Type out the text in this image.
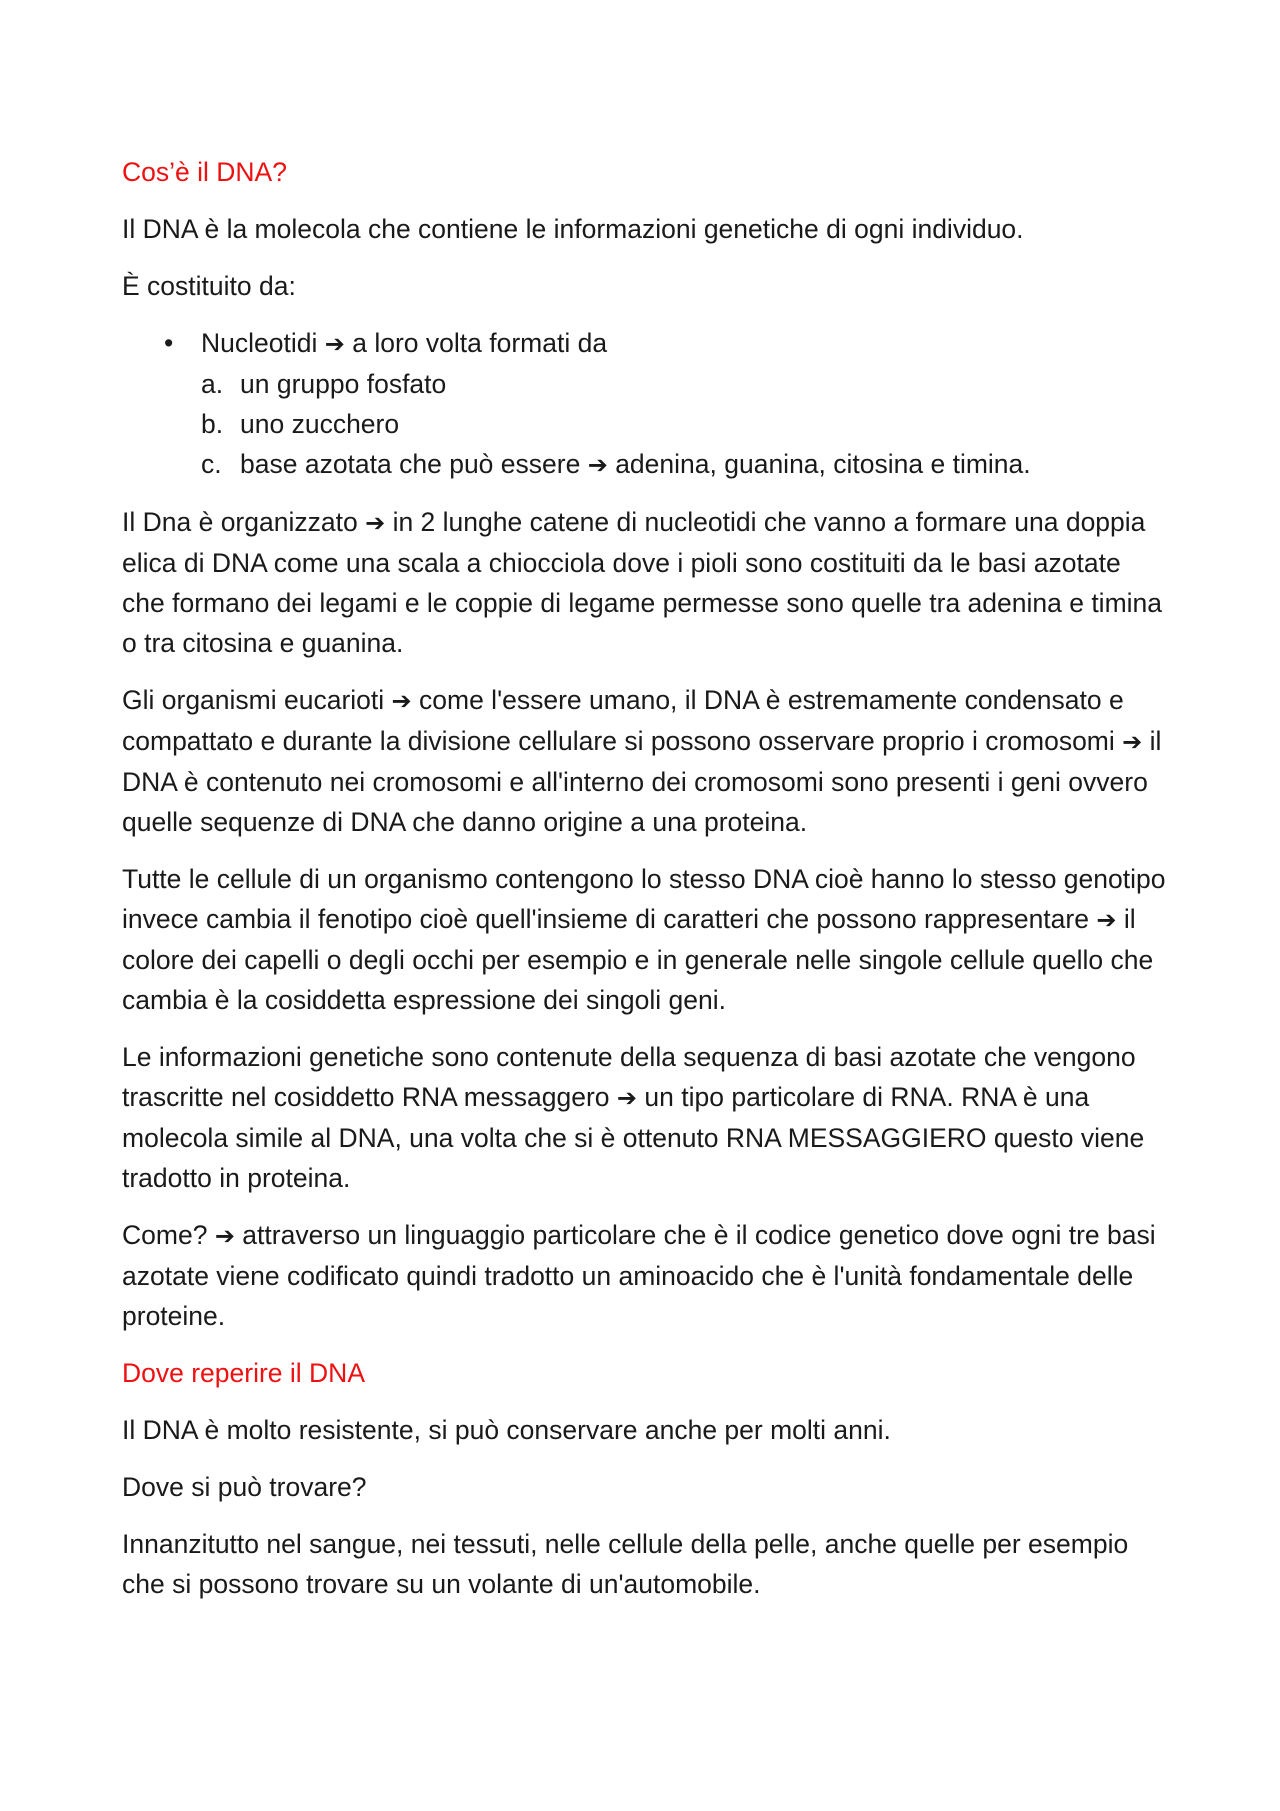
Cos’è il DNA?

Il DNA è la molecola che contiene le informazioni genetiche di ogni individuo.

È costituito da:

• Nucleotidi ➔ a loro volta formati da
a. un gruppo fosfato
b. uno zucchero
c. base azotata che può essere ➔ adenina, guanina, citosina e timina.

Il Dna è organizzato ➔ in 2 lunghe catene di nucleotidi che vanno a formare una doppia elica di DNA come una scala a chiocciola dove i pioli sono costituiti da le basi azotate che formano dei legami e le coppie di legame permesse sono quelle tra adenina e timina o tra citosina e guanina.

Gli organismi eucarioti ➔ come l'essere umano, il DNA è estremamente condensato e compattato e durante la divisione cellulare si possono osservare proprio i cromosomi ➔ il DNA è contenuto nei cromosomi e all'interno dei cromosomi sono presenti i geni ovvero quelle sequenze di DNA che danno origine a una proteina.

Tutte le cellule di un organismo contengono lo stesso DNA cioè hanno lo stesso genotipo invece cambia il fenotipo cioè quell'insieme di caratteri che possono rappresentare ➔ il colore dei capelli o degli occhi per esempio e in generale nelle singole cellule quello che cambia è la cosiddetta espressione dei singoli geni.

Le informazioni genetiche sono contenute della sequenza di basi azotate che vengono trascritte nel cosiddetto RNA messaggero ➔ un tipo particolare di RNA. RNA è una molecola simile al DNA, una volta che si è ottenuto RNA MESSAGGIERO questo viene tradotto in proteina.

Come? ➔ attraverso un linguaggio particolare che è il codice genetico dove ogni tre basi azotate viene codificato quindi tradotto un aminoacido che è l'unità fondamentale delle proteine.

Dove reperire il DNA

Il DNA è molto resistente, si può conservare anche per molti anni.

Dove si può trovare?

Innanzitutto nel sangue, nei tessuti, nelle cellule della pelle, anche quelle per esempio che si possono trovare su un volante di un'automobile.
